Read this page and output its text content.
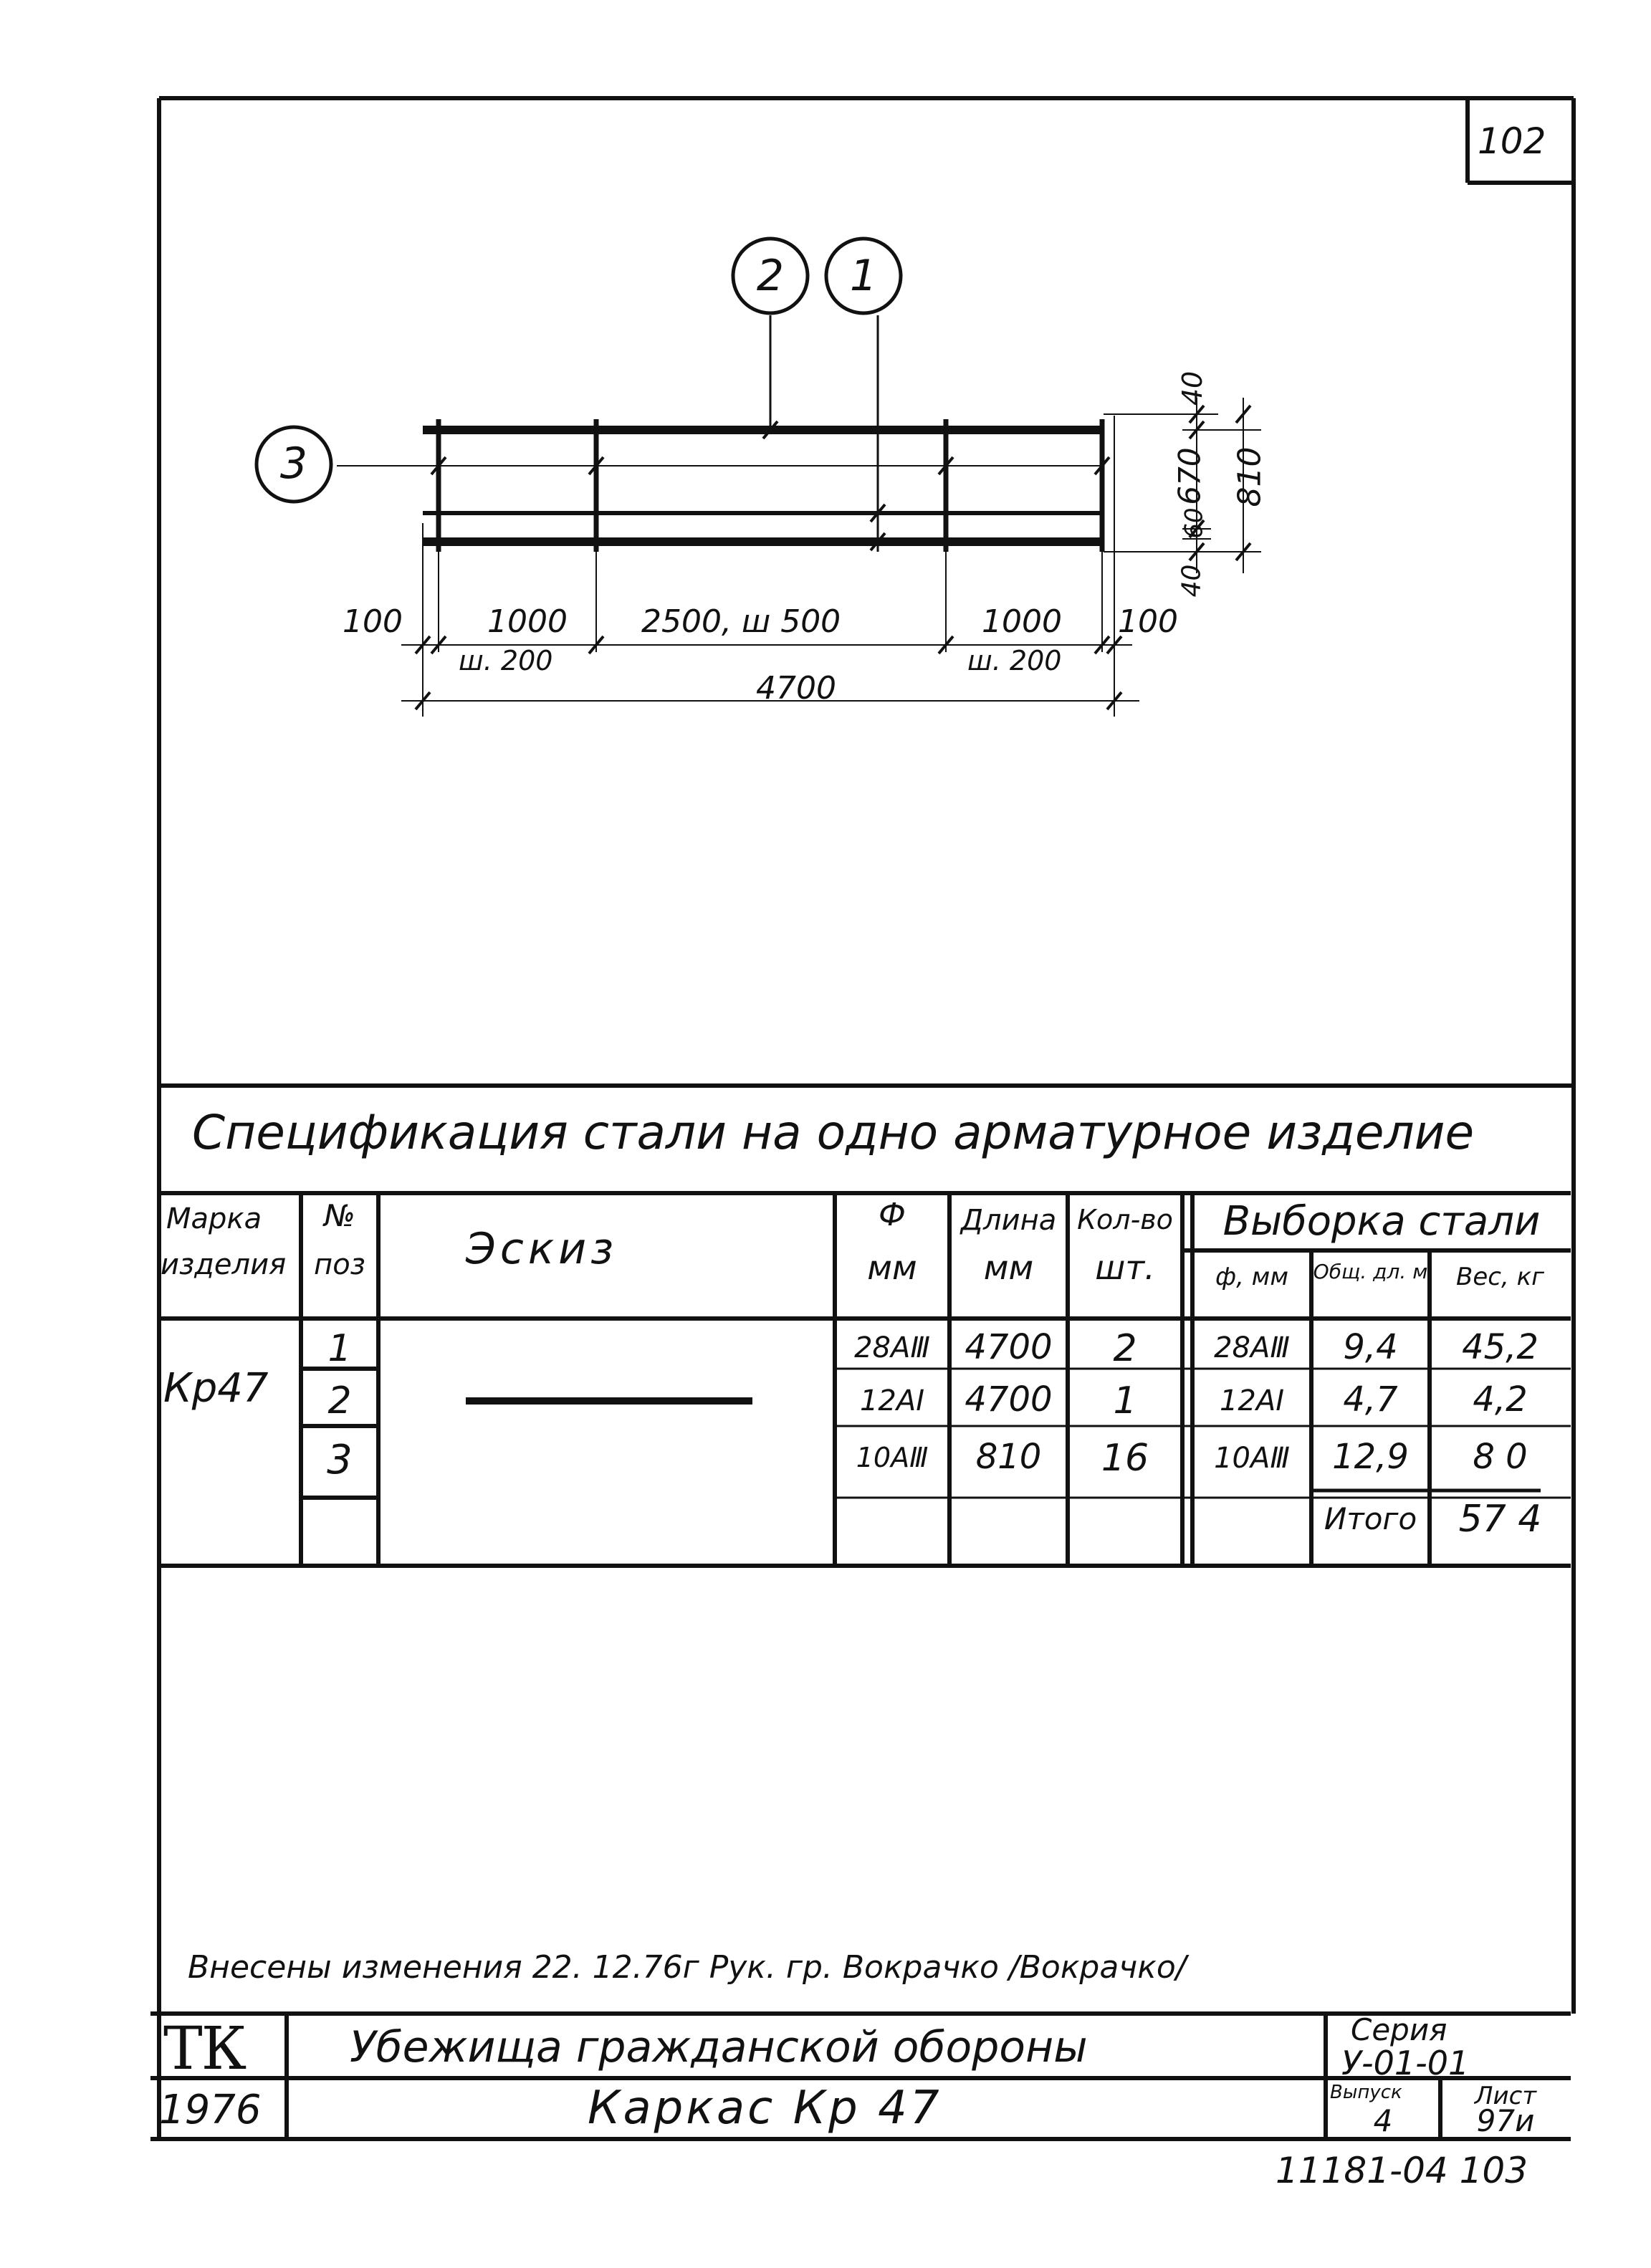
102
2 1
3
40
670 810
60
40
100	1000
ш. 200
2500, ш 500	1000
ш. 200
100
4700
Спецификация стали на одно арматурное изделие
Марка
изделия
№
поз	Эскиз
Ф
мм
Длина
мм
Кол-во
шт.
Выборка стали
ф, мм	Общ. дл. м	Вес, кг
Кр47
1	28АⅢ	4700	2	28АⅢ	9,4	45,2
2	12АⅠ	4700	1	12АⅠ	4,7	4,2
3	10АⅢ	810	16	10АⅢ	12,9	8 0
Итого	57 4
Внесены изменения 22. 12.76г Рук. гр. Вокрачко /Вокрачко/
ТК
1976
Убежища гражданской обороны
Каркас Кр 47
Серия
У-01-01
Выпуск
4
Лист
97и
11181-04 103
